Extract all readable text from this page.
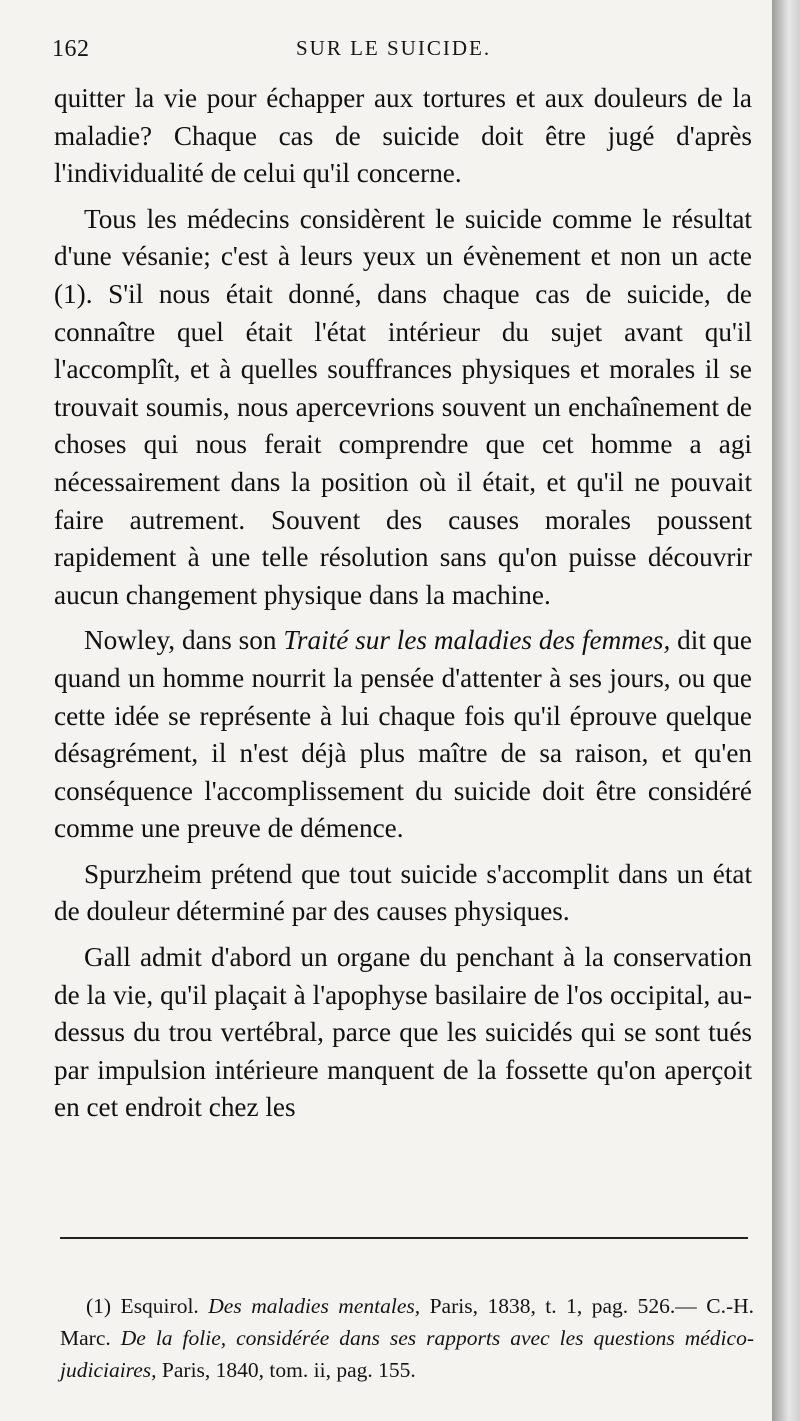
162	SUR LE SUICIDE.

quitter la vie pour échapper aux tortures et aux douleurs de la maladie? Chaque cas de suicide doit être jugé d'après l'individualité de celui qu'il concerne.

Tous les médecins considèrent le suicide comme le résultat d'une vésanie; c'est à leurs yeux un évènement et non un acte (1). S'il nous était donné, dans chaque cas de suicide, de connaître quel était l'état intérieur du sujet avant qu'il l'accomplît, et à quelles souffrances physiques et morales il se trouvait soumis, nous apercevrions souvent un enchaînement de choses qui nous ferait comprendre que cet homme a agi nécessairement dans la position où il était, et qu'il ne pouvait faire autrement. Souvent des causes morales poussent rapidement à une telle résolution sans qu'on puisse découvrir aucun changement physique dans la machine.

Nowley, dans son Traité sur les maladies des femmes, dit que quand un homme nourrit la pensée d'attenter à ses jours, ou que cette idée se représente à lui chaque fois qu'il éprouve quelque désagrément, il n'est déjà plus maître de sa raison, et qu'en conséquence l'accomplissement du suicide doit être considéré comme une preuve de démence.

Spurzheim prétend que tout suicide s'accomplit dans un état de douleur déterminé par des causes physiques.

Gall admit d'abord un organe du penchant à la conservation de la vie, qu'il plaçait à l'apophyse basilaire de l'os occipital, au-dessus du trou vertébral, parce que les suicidés qui se sont tués par impulsion intérieure manquent de la fossette qu'on aperçoit en cet endroit chez les

(1) Esquirol. Des maladies mentales, Paris, 1838, t. 1, pag. 526.— C.-H. Marc. De la folie, considérée dans ses rapports avec les questions médico-judiciaires, Paris, 1840, tom. ii, pag. 155.
